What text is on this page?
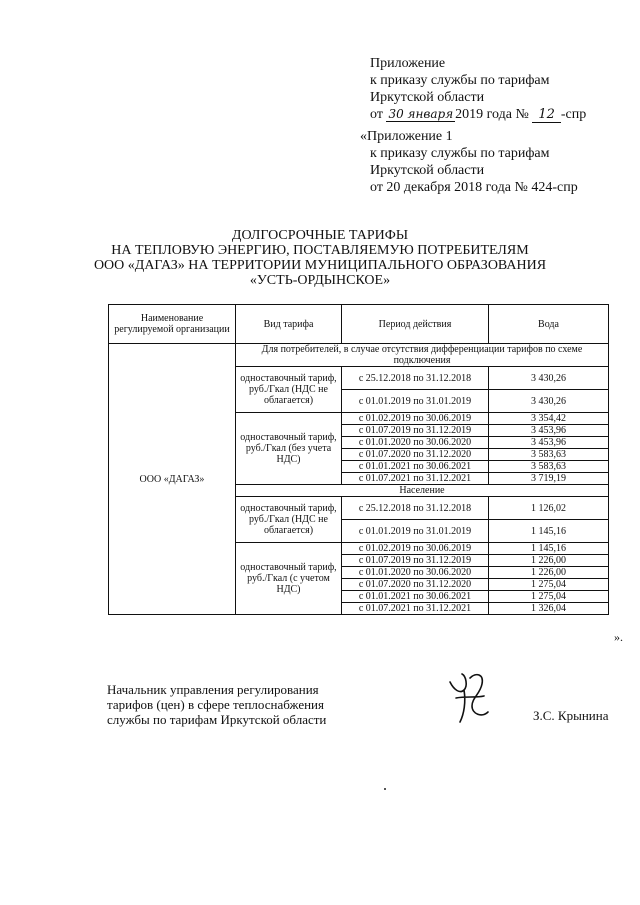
Приложение
к приказу службы по тарифам
Иркутской области
от 30 января 2019 года № 12 -спр
«Приложение 1
к приказу службы по тарифам
Иркутской области
от 20 декабря 2018 года № 424-спр
ДОЛГОСРОЧНЫЕ ТАРИФЫ
НА ТЕПЛОВУЮ ЭНЕРГИЮ, ПОСТАВЛЯЕМУЮ ПОТРЕБИТЕЛЯМ
ООО «ДАГАЗ» НА ТЕРРИТОРИИ МУНИЦИПАЛЬНОГО ОБРАЗОВАНИЯ
«УСТЬ-ОРДЫНСКОЕ»
Наименование регулируемой организации	Вид тарифа	Период действия	Вода
ООО «ДАГАЗ»	Для потребителей, в случае отсутствия дифференциации тарифов по схеме подключения		
	одноставочный тариф, руб./Гкал (НДС не облагается)	с 25.12.2018 по 31.12.2018	3 430,26
		с 01.01.2019 по 31.01.2019	3 430,26
	одноставочный тариф, руб./Гкал (без учета НДС)	с 01.02.2019 по 30.06.2019	3 354,42
		с 01.07.2019 по 31.12.2019	3 453,96
		с 01.01.2020 по 30.06.2020	3 453,96
		с 01.07.2020 по 31.12.2020	3 583,63
		с 01.01.2021 по 30.06.2021	3 583,63
		с 01.07.2021 по 31.12.2021	3 719,19
	Население		
	одноставочный тариф, руб./Гкал (НДС не облагается)	с 25.12.2018 по 31.12.2018	1 126,02
		с 01.01.2019 по 31.01.2019	1 145,16
	одноставочный тариф, руб./Гкал (с учетом НДС)	с 01.02.2019 по 30.06.2019	1 145,16
		с 01.07.2019 по 31.12.2019	1 226,00
		с 01.01.2020 по 30.06.2020	1 226,00
		с 01.07.2020 по 31.12.2020	1 275,04
		с 01.01.2021 по 30.06.2021	1 275,04
		с 01.07.2021 по 31.12.2021	1 326,04
».
Начальник управления регулирования
тарифов (цен) в сфере теплоснабжения
службы по тарифам Иркутской области	З.С. Крынина
